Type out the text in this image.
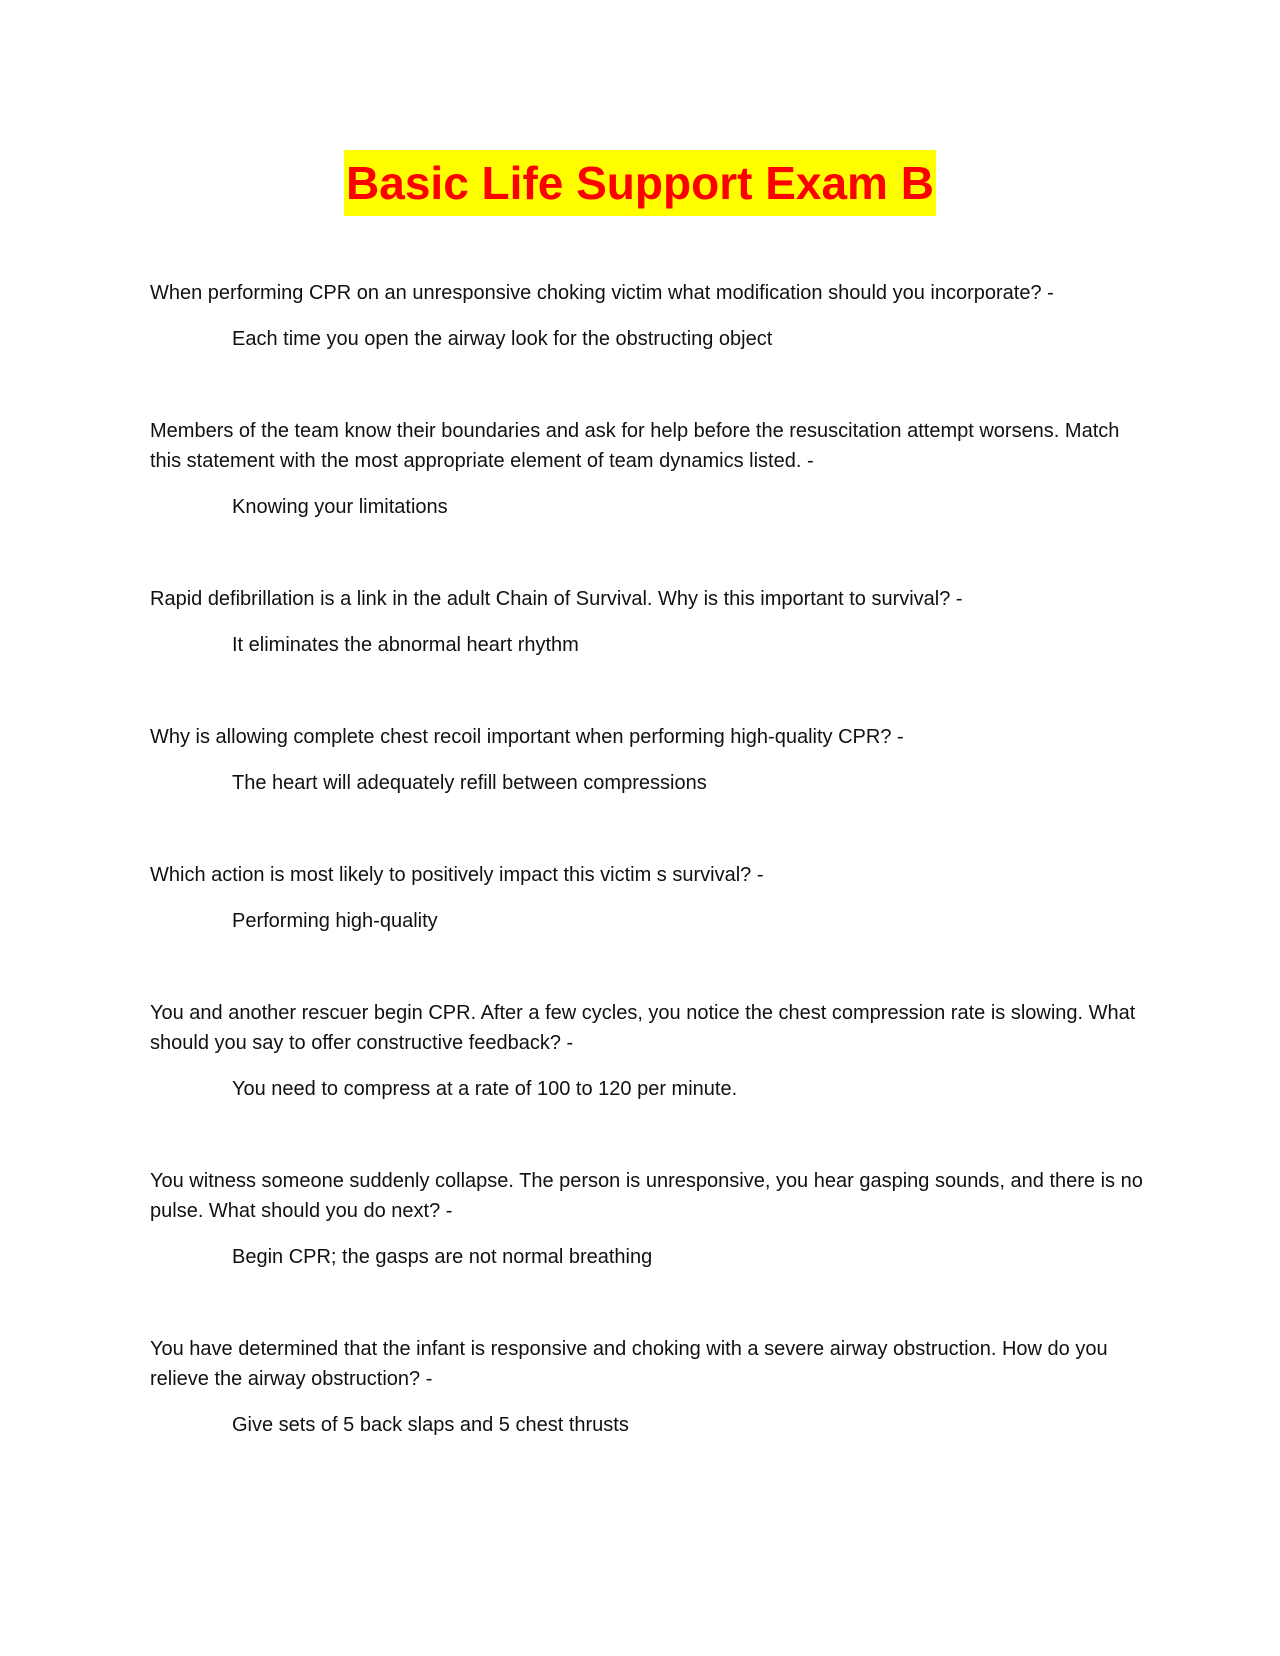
Basic Life Support Exam B

When performing CPR on an unresponsive choking victim what modification should you incorporate? -

Each time you open the airway look for the obstructing object

Members of the team know their boundaries and ask for help before the resuscitation attempt worsens. Match this statement with the most appropriate element of team dynamics listed. -

Knowing your limitations

Rapid defibrillation is a link in the adult Chain of Survival. Why is this important to survival? -

It eliminates the abnormal heart rhythm

Why is allowing complete chest recoil important when performing high-quality CPR? -

The heart will adequately refill between compressions

Which action is most likely to positively impact this victim s survival? -

Performing high-quality

You and another rescuer begin CPR. After a few cycles, you notice the chest compression rate is slowing. What should you say to offer constructive feedback? -

You need to compress at a rate of 100 to 120 per minute.

You witness someone suddenly collapse. The person is unresponsive, you hear gasping sounds, and there is no pulse. What should you do next? -

Begin CPR; the gasps are not normal breathing

You have determined that the infant is responsive and choking with a severe airway obstruction. How do you relieve the airway obstruction? -

Give sets of 5 back slaps and 5 chest thrusts
